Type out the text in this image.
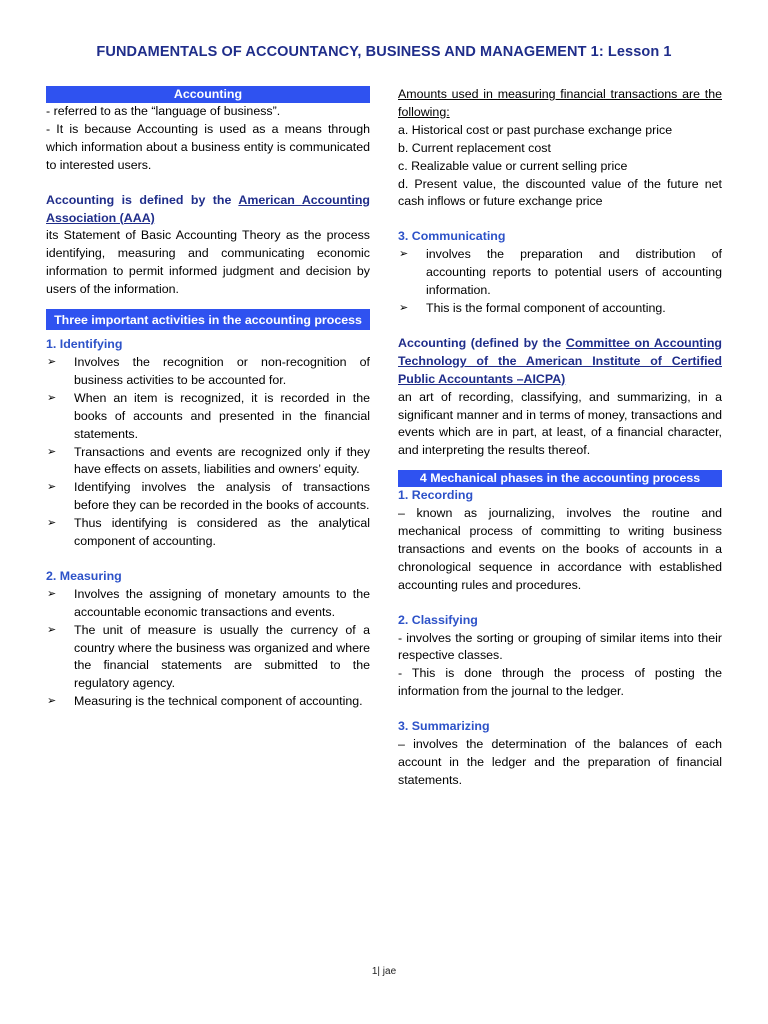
FUNDAMENTALS OF ACCOUNTANCY, BUSINESS AND MANAGEMENT 1: Lesson 1
Accounting

- referred to as the “language of business”.

- It is because Accounting is used as a means through which information about a business entity is communicated to interested users.

Accounting is defined by the American Accounting Association (AAA)

its Statement of Basic Accounting Theory as the process identifying, measuring and communicating economic information to permit informed judgment and decision by users of the information.

Three important activities in the accounting process

1. Identifying

➢ Involves the recognition or non-recognition of business activities to be accounted for.
➢ When an item is recognized, it is recorded in the books of accounts and presented in the financial statements.
➢ Transactions and events are recognized only if they have effects on assets, liabilities and owners’ equity.
➢ Identifying involves the analysis of transactions before they can be recorded in the books of accounts.
➢ Thus identifying is considered as the analytical component of accounting.

2. Measuring

➢ Involves the assigning of monetary amounts to the accountable economic transactions and events.
➢ The unit of measure is usually the currency of a country where the business was organized and where the financial statements are submitted to the regulatory agency.
➢ Measuring is the technical component of accounting.

Amounts used in measuring financial transactions are the following:

a. Historical cost or past purchase exchange price

b. Current replacement cost

c. Realizable value or current selling price

d. Present value, the discounted value of the future net cash inflows or future exchange price

3. Communicating

➢ involves the preparation and distribution of accounting reports to potential users of accounting information.
➢ This is the formal component of accounting.

Accounting (defined by the Committee on Accounting Technology of the American Institute of Certified Public Accountants –AICPA)

an art of recording, classifying, and summarizing, in a significant manner and in terms of money, transactions and events which are in part, at least, of a financial character, and interpreting the results thereof.

4 Mechanical phases in the accounting process

1. Recording

– known as journalizing, involves the routine and mechanical process of committing to writing business transactions and events on the books of accounts in a chronological sequence in accordance with established accounting rules and procedures.

2. Classifying

- involves the sorting or grouping of similar items into their respective classes.

- This is done through the process of posting the information from the journal to the ledger.

3. Summarizing

– involves the determination of the balances of each account in the ledger and the preparation of financial statements.

1| jae
